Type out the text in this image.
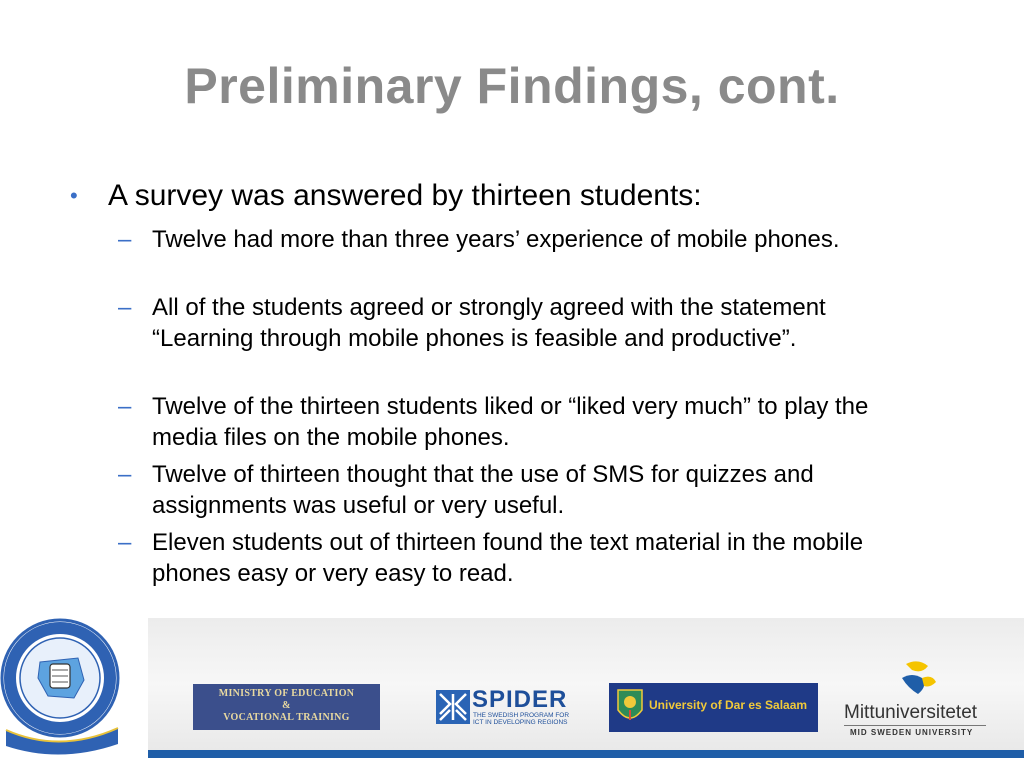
Preliminary Findings, cont.
• A survey was answered by thirteen students:
– Twelve had more than three years’ experience of mobile phones.
– All of the students agreed or strongly agreed with the statement “Learning through mobile phones is feasible and productive”.
– Twelve of the thirteen students liked or “liked very much” to play the media files on the mobile phones.
– Twelve of thirteen thought that the use of SMS for quizzes and assignments was useful or very useful.
– Eleven students out of thirteen found the text material in the mobile phones easy or very easy to read.
MINISTRY OF EDUCATION
&
VOCATIONAL TRAINING
SPIDER
THE SWEDISH PROGRAM FOR
ICT IN DEVELOPING REGIONS
University of Dar es Salaam Mittuniversitetet
MID SWEDEN UNIVERSITY
